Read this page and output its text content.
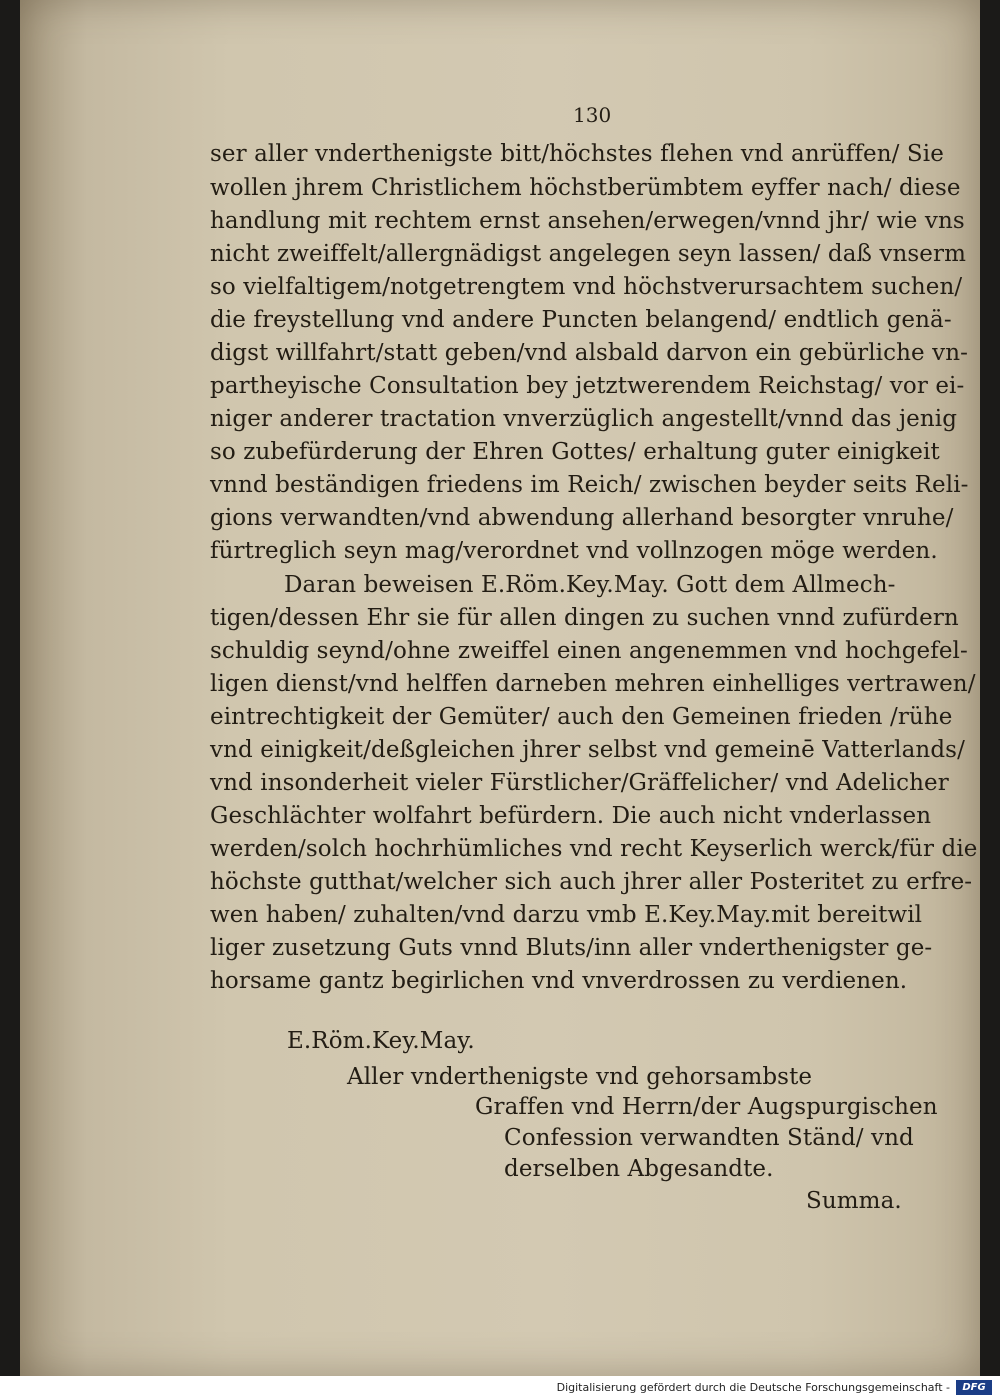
130
ser aller vnderthenigste bitt/höchstes flehen vnd anrüffen/ Sie
wollen jhrem Christlichem höchstberümbtem eyffer nach/ diese
handlung mit rechtem ernst ansehen/erwegen/vnnd jhr/ wie vns
nicht zweiffelt/allergnädigst angelegen seyn lassen/ daß vnserm
so vielfaltigem/notgetrengtem vnd höchstverursachtem suchen/
die freystellung vnd andere Puncten belangend/ endtlich genä-
digst willfahrt/statt geben/vnd alsbald darvon ein gebürliche vn-
partheyische Consultation bey jetztwerendem Reichstag/ vor ei-
niger anderer tractation vnverzüglich angestellt/vnnd das jenig
so zubefürderung der Ehren Gottes/ erhaltung guter einigkeit
vnnd beständigen friedens im Reich/ zwischen beyder seits Reli-
gions verwandten/vnd abwendung allerhand besorgter vnruhe/
fürtreglich seyn mag/verordnet vnd vollnzogen möge werden.
Daran beweisen E.Röm.Key.May. Gott dem Allmech-
tigen/dessen Ehr sie für allen dingen zu suchen vnnd zufürdern
schuldig seynd/ohne zweiffel einen angenemmen vnd hochgefel-
ligen dienst/vnd helffen darneben mehren einhelliges vertrawen/
eintrechtigkeit der Gemüter/ auch den Gemeinen frieden /rühe
vnd einigkeit/deßgleichen jhrer selbst vnd gemeinē Vatterlands/
vnd insonderheit vieler Fürstlicher/Gräffelicher/ vnd Adelicher
Geschlächter wolfahrt befürdern. Die auch nicht vnderlassen
werden/solch hochrhümliches vnd recht Keyserlich werck/für die
höchste gutthat/welcher sich auch jhrer aller Posteritet zu erfre-
wen haben/ zuhalten/vnd darzu vmb E.Key.May.mit bereitwil
liger zusetzung Guts vnnd Bluts/inn aller vnderthenigster ge-
horsame gantz begirlichen vnd vnverdrossen zu verdienen.
E.Röm.Key.May.
Aller vnderthenigste vnd gehorsambste
Graffen vnd Herrn/der Augspurgischen
Confession verwandten Ständ/ vnd
derselben Abgesandte.
Summa.
Digitalisierung gefördert durch die Deutsche Forschungsgemeinschaft -	DFG
